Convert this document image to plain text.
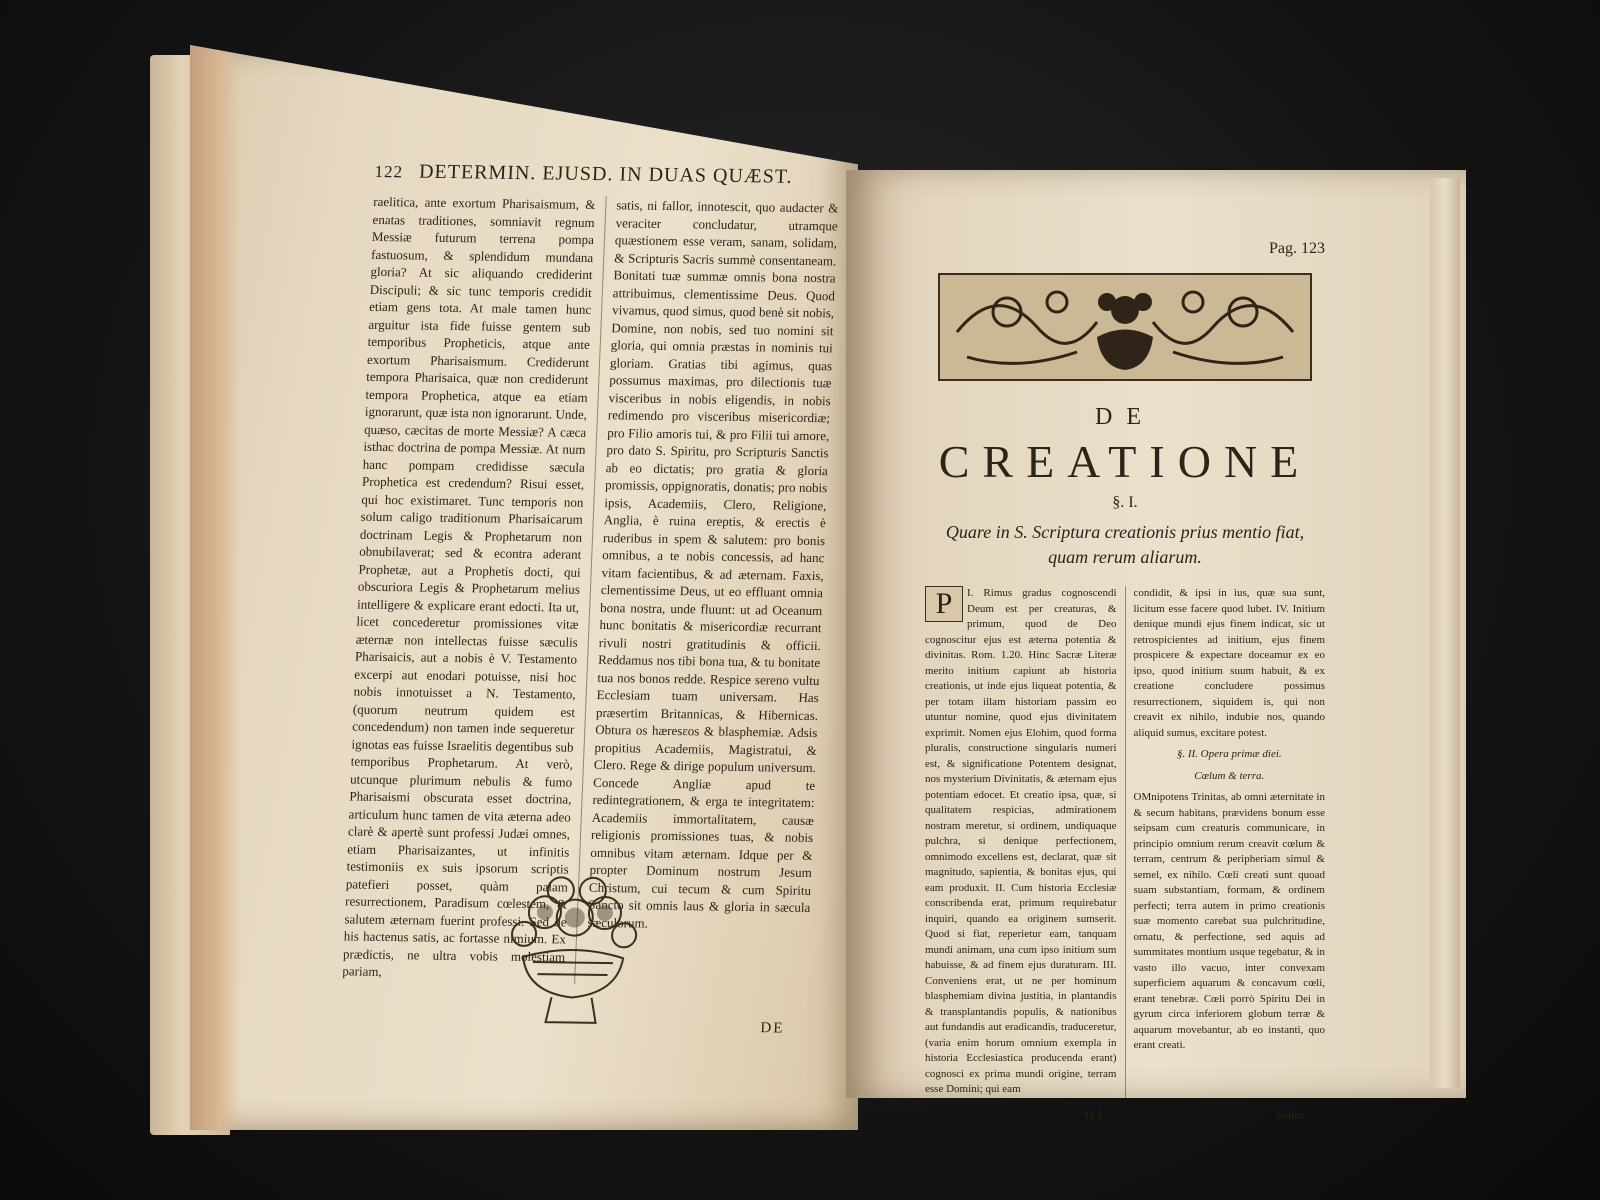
122 DETERMIN. EJUSD. IN DUAS QUÆST.
raelitica, ante exortum Pharisaismum, & enatas traditiones, somniavit regnum Messiæ futurum terrena pompa fastuosum, & splendidum mundana gloria? At sic aliquando crediderint Discipuli; & sic tunc temporis credidit etiam gens tota. At male tamen hunc arguitur ista fide fuisse gentem sub temporibus Propheticis, atque ante exortum Pharisaismum. Crediderunt tempora Pharisaica, quæ non crediderunt tempora Prophetica, atque ea etiam ignorarunt, quæ ista non ignorarunt. Unde, quæso, cæcitas de morte Messiæ? A cæca isthac doctrina de pompa Messiæ. At num hanc pompam credidisse sæcula Prophetica est credendum? Risui esset, qui hoc existimaret. Tunc temporis non solum caligo traditionum Pharisaicarum doctrinam Legis & Prophetarum non obnubilaverat; sed & econtra aderant Prophetæ, aut a Prophetis docti, qui obscuriora Legis & Prophetarum melius intelligere & explicare erant edocti. Ita ut, licet concederetur promissiones vitæ æternæ non intellectas fuisse sæculis Pharisaicis, aut a nobis è V. Testamento excerpi aut enodari potuisse, nisi hoc nobis innotuisset a N. Testamento, (quorum neutrum quidem est concedendum) non tamen inde sequeretur ignotas eas fuisse Israelitis degentibus sub temporibus Prophetarum. At verò, utcunque plurimum nebulis & fumo Pharisaismi obscurata esset doctrina, articulum hunc tamen de vita æterna adeo clarè & apertè sunt professi Judæi omnes, etiam Pharisaizantes, ut infinitis testimoniis ex suis ipsorum scriptis patefieri posset, quàm palam resurrectionem, Paradisum cœlestem, & salutem æternam fuerint professi. Sed de his hactenus satis, ac fortasse nimium. Ex prædictis, ne ultra vobis molestiam pariam,
satis, ni fallor, innotescit, quo audacter & veraciter concludatur, utramque quæstionem esse veram, sanam, solidam, & Scripturis Sacris summè consentaneam. Bonitati tuæ summæ omnis bona nostra attribuimus, clementissime Deus. Quod vivamus, quod simus, quod benè sit nobis, Domine, non nobis, sed tuo nomini sit gloria, qui omnia præstas in nominis tui gloriam. Gratias tibi agimus, quas possumus maximas, pro dilectionis tuæ visceribus in nobis eligendis, in nobis redimendo pro visceribus misericordiæ; pro Filio amoris tui, & pro Filii tui amore, pro dato S. Spiritu, pro Scripturis Sanctis ab eo dictatis; pro gratia & gloria promissis, oppignoratis, donatis; pro nobis ipsis, Academiis, Clero, Religione, Anglia, è ruina ereptis, & erectis è ruderibus in spem & salutem: pro bonis omnibus, a te nobis concessis, ad hanc vitam facientibus, & ad æternam. Faxis, clementissime Deus, ut eo effluant omnia bona nostra, unde fluunt: ut ad Oceanum hunc bonitatis & misericordiæ recurrant rivuli nostri gratitudinis & officii. Reddamus nos tibi bona tua, & tu bonitate tua nos bonos redde. Respice sereno vultu Ecclesiam tuam universam. Has præsertim Britannicas, & Hibernicas. Obtura os hæresεos & blasphemiæ. Adsis propitius Academiis, Magistratui, & Clero. Rege & dirige populum universum. Concede Angliæ apud te redintegrationem, & erga te integritatem: Academiis immortalitatem, causæ religionis promissiones tuas, & nobis omnibus vitam æternam. Idque per & propter Dominum nostrum Jesum Christum, cui tecum & cum Spiritu Sancto sit omnis laus & gloria in sæcula sæculorum.
DE
Pag. 123
DE
CREATIONE
§. I.
Quare in S. Scriptura creationis prius mentio fiat,
quam rerum aliarum.
P	I. Rimus gradus cognoscendi Deum est per creaturas, & primum, quod de Deo cognoscitur ejus est æterna potentia & divinitas. Rom. 1.20. Hinc Sacræ Literæ merito initium capiunt ab historia creationis, ut inde ejus liqueat potentia, & per totam illam historiam passim eo utuntur nomine, quod ejus divinitatem exprimit. Nomen ejus Elohim, quod forma pluralis, constructione singularis numeri est, & significatione Potentem designat, nos mysterium Divinitatis, & æternam ejus potentiam edocet. Et creatio ipsa, quæ, si qualitatem respicias, admirationem nostram meretur, si ordinem, undiquaque pulchra, si denique perfectionem, omnimodo excellens est, declarat, quæ sit magnitudo, sapientia, & bonitas ejus, qui eam produxit. II. Cum historia Ecclesiæ conscribenda erat, primum requirebatur inquiri, quando ea originem sumserit. Quod si fiat, reperietur eam, tanquam mundi animam, una cum ipso initium sum habuisse, & ad finem ejus duraturam. III. Conveniens erat, ut ne per hominum blasphemiam divina justitia, in plantandis & transplantandis populis, & nationibus aut fundandis aut eradicandis, traduceretur, (varia enim horum omnium exempla in historia Ecclesiastica producenda erant) cognosci ex prima mundi origine, terram esse Domini; qui eam
condidit, & ipsi in ius, quæ sua sunt, licitum esse facere quod lubet. IV. Initium denique mundi ejus finem indicat, sic ut retrospicientes ad initium, ejus finem prospicere & expectare doceamur ex eo ipso, quod initium suum habuit, & ex creatione concludere possimus resurrectionem, siquidem is, qui non creavit ex nihilo, indubie nos, quando aliquid sumus, excitare potest.
§. II. Opera primæ diei.
Cœlum & terra.
OMnipotens Trinitas, ab omni æternitate in & secum habitans, prævidens bonum esse seipsam cum creaturis communicare, in principio omnium rerum creavit cœlum & terram, centrum & peripheriam simul & semel, ex nihilo. Cœli creati sunt quoad suam substantiam, formam, & ordinem perfecti; terra autem in primo creationis suæ momento carebat sua pulchritudine, ornatu, & perfectione, sed aquis ad summitates montium usque tegebatur, & in vasto illo vacuo, inter convexam superficiem aquarum & concavum cœli, erant tenebræ. Cœli porrò Spiritu Dei in gyrum circa inferiorem globum terræ & aquarum movebantur, ab eo instanti, quo erant creati.
Q 2	Nulus
